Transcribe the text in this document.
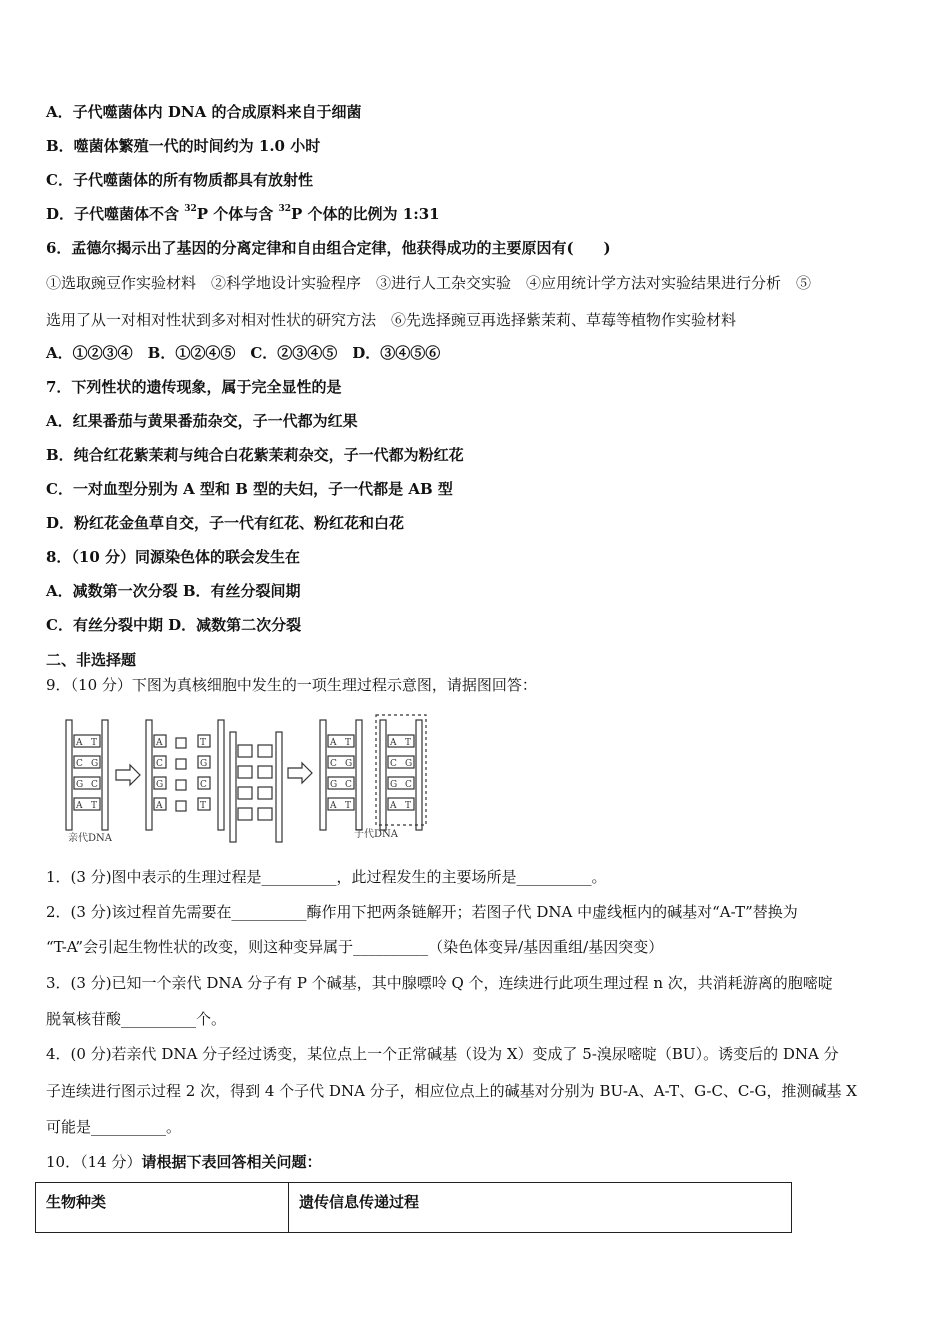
A．子代噬菌体内 DNA 的合成原料来自于细菌
B．噬菌体繁殖一代的时间约为 1.0 小时
C．子代噬菌体的所有物质都具有放射性
D．子代噬菌体不含 $^{32}$P 个体与含 $^{32}$P 个体的比例为 1:31
6．孟德尔揭示出了基因的分离定律和自由组合定律，他获得成功的主要原因有(　　)
①选取豌豆作实验材料　②科学地设计实验程序　③进行人工杂交实验　④应用统计学方法对实验结果进行分析　⑤
选用了从一对相对性状到多对相对性状的研究方法　⑥先选择豌豆再选择紫茉莉、草莓等植物作实验材料
A．①②③④　B．①②④⑤　C．②③④⑤　D．③④⑤⑥
7．下列性状的遗传现象，属于完全显性的是
A．红果番茄与黄果番茄杂交，子一代都为红果
B．纯合红花紫茉莉与纯合白花紫茉莉杂交，子一代都为粉红花
C．一对血型分别为 A 型和 B 型的夫妇，子一代都是 AB 型
D．粉红花金鱼草自交，子一代有红花、粉红花和白花
8．（10 分）同源染色体的联会发生在
A．减数第一次分裂 B．有丝分裂间期
C．有丝分裂中期 D．减数第二次分裂
二、非选择题
9．（10 分）下图为真核细胞中发生的一项生理过程示意图，请据图回答：
A T
C G
G C
A T
A	T
C	G
G	C
A	T
A T
C G
G C
A T
A T
C G
G C
A T
亲代DNA	子代DNA
1．(3 分)图中表示的生理过程是__________，此过程发生的主要场所是__________。
2．(3 分)该过程首先需要在__________酶作用下把两条链解开；若图子代 DNA 中虚线框内的碱基对“A-T”替换为
“T-A”会引起生物性状的改变，则这种变异属于__________（染色体变异/基因重组/基因突变）
3．(3 分)已知一个亲代 DNA 分子有 P 个碱基，其中腺嘌呤 Q 个，连续进行此项生理过程 n 次，共消耗游离的胞嘧啶
脱氧核苷酸__________个。
4．(0 分)若亲代 DNA 分子经过诱变，某位点上一个正常碱基（设为 X）变成了 5-溴尿嘧啶（BU）。诱变后的 DNA 分
子连续进行图示过程 2 次，得到 4 个子代 DNA 分子，相应位点上的碱基对分别为 BU-A、A-T、G-C、C-G，推测碱基 X
可能是__________。
10．（14 分）请根据下表回答相关问题：
生物种类	遗传信息传递过程
